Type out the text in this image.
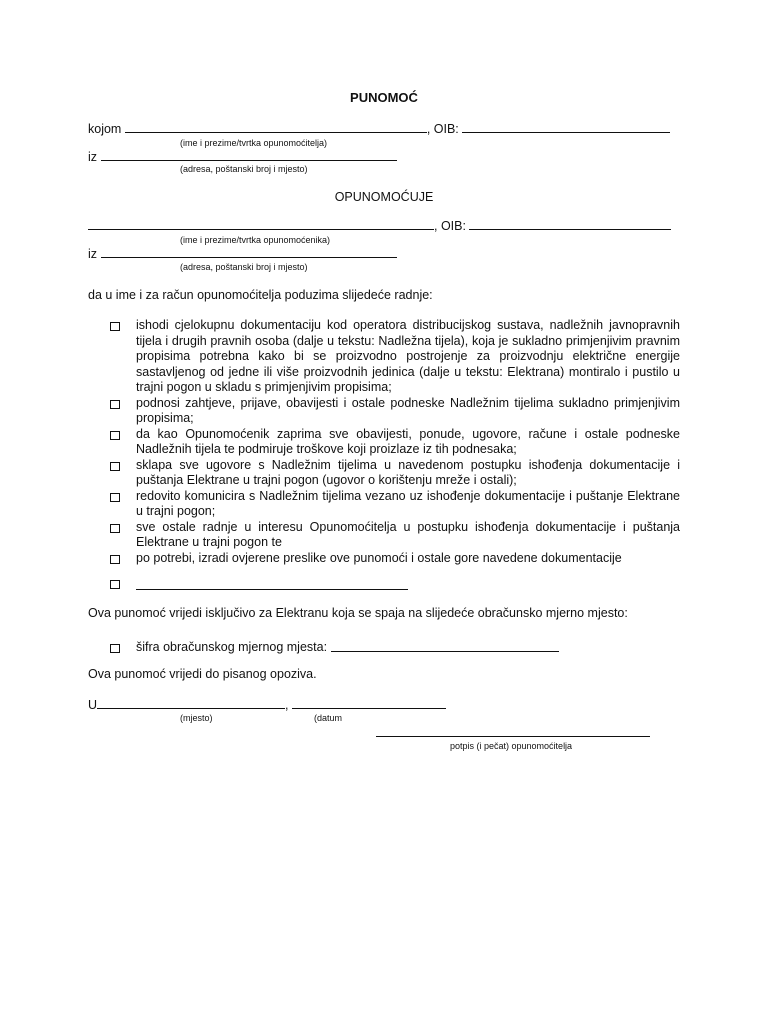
PUNOMOĆ
kojom	, OIB:
(ime i prezime/tvrtka opunomoćitelja)
iz
(adresa, poštanski broj i mjesto)
OPUNOMOĆUJE
, OIB:
(ime i prezime/tvrtka opunomoćenika)
iz
(adresa, poštanski broj i mjesto)
da u ime i za račun opunomoćitelja poduzima slijedeće radnje:
ishodi cjelokupnu dokumentaciju kod operatora distribucijskog sustava, nadležnih javnopravnih tijela i drugih pravnih osoba (dalje u tekstu: Nadležna tijela), koja je sukladno primjenjivim pravnim propisima potrebna kako bi se proizvodno postrojenje za proizvodnju električne energije sastavljenog od jedne ili više proizvodnih jedinica (dalje u tekstu: Elektrana) montiralo i pustilo u trajni pogon u skladu s primjenjivim propisima;
podnosi zahtjeve, prijave, obavijesti i ostale podneske Nadležnim tijelima sukladno primjenjivim propisima;
da kao Opunomoćenik zaprima sve obavijesti, ponude, ugovore, račune i ostale podneske Nadležnih tijela te podmiruje troškove koji proizlaze iz tih podnesaka;
sklapa sve ugovore s Nadležnim tijelima u navedenom postupku ishođenja dokumentacije i puštanja Elektrane u trajni pogon (ugovor o korištenju mreže i ostali);
redovito komunicira s Nadležnim tijelima vezano uz ishođenje dokumentacije i puštanje Elektrane u trajni pogon;
sve ostale radnje u interesu Opunomoćitelja u postupku ishođenja dokumentacije i puštanja Elektrane u trajni pogon te
po potrebi, izradi ovjerene preslike ove punomoći i ostale gore navedene dokumentacije
Ova punomoć vrijedi isključivo za Elektranu koja se spaja na slijedeće obračunsko mjerno mjesto:
šifra obračunskog mjernog mjesta:
Ova punomoć vrijedi do pisanog opoziva.
U	,
(mjesto)	(datum
potpis (i pečat) opunomoćitelja
